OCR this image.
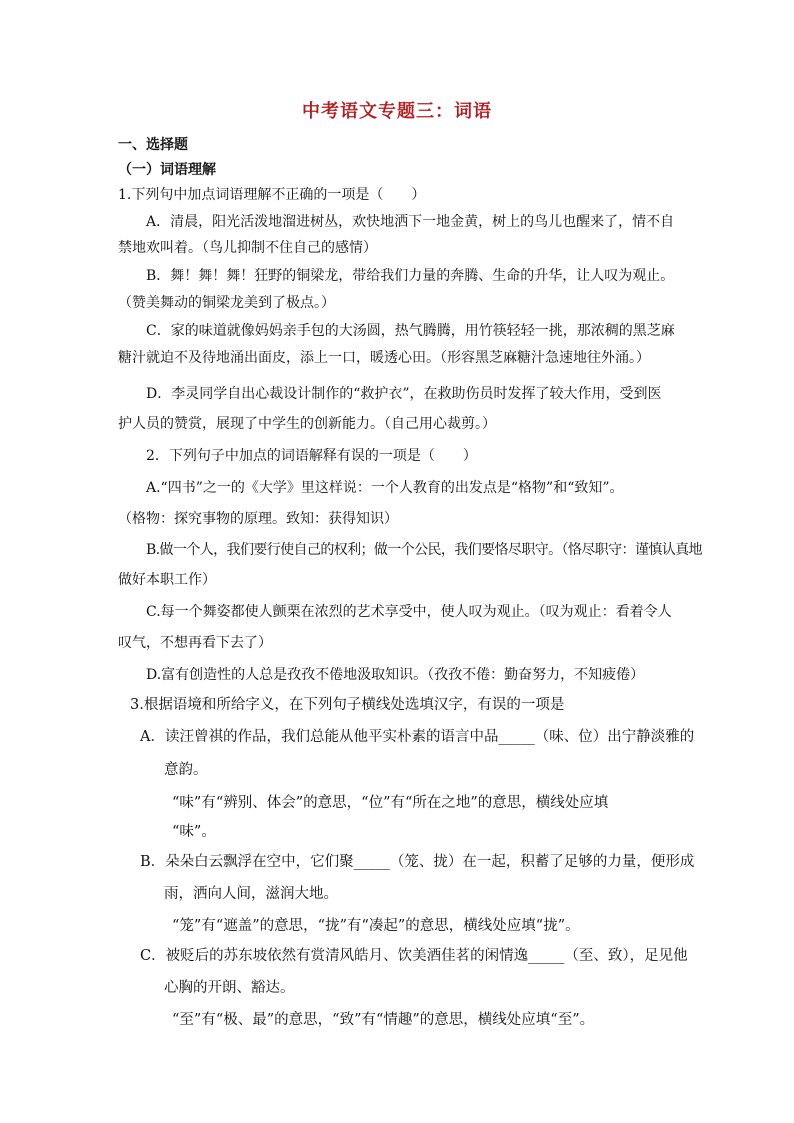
中考语文专题三：词语
一、选择题
（一）词语理解
1.下列句中加点词语理解不正确的一项是（　　）
A．清晨，阳光活泼地溜进树丛，欢快地洒下一地金黄，树上的鸟儿也醒来了，情不自
禁地欢叫着。（鸟儿抑制不住自己的感情）
B．舞！舞！舞！狂野的铜梁龙，带给我们力量的奔腾、生命的升华，让人叹为观止。
（赞美舞动的铜梁龙美到了极点。）
C．家的味道就像妈妈亲手包的大汤圆，热气腾腾，用竹筷轻轻一挑，那浓稠的黑芝麻
糖汁就迫不及待地涌出面皮，添上一口，暖透心田。（形容黑芝麻糖汁急速地往外涌。）
D．李灵同学自出心裁设计制作的“救护衣”，在救助伤员时发挥了较大作用，受到医
护人员的赞赏，展现了中学生的创新能力。（自己用心裁剪。）
2．下列句子中加点的词语解释有误的一项是（　　）
A.“四书”之一的《大学》里这样说：一个人教育的出发点是“格物”和“致知”。
（格物：探究事物的原理。致知：获得知识）
B.做一个人，我们要行使自己的权利；做一个公民，我们要恪尽职守。（恪尽职守：谨慎认真地
做好本职工作）
C.每一个舞姿都使人颤栗在浓烈的艺术享受中，使人叹为观止。（叹为观止：看着令人
叹气，不想再看下去了）
D.富有创造性的人总是孜孜不倦地汲取知识。（孜孜不倦：勤奋努力，不知疲倦）
3.根据语境和所给字义，在下列句子横线处选填汉字，有误的一项是
A．读汪曾祺的作品，我们总能从他平实朴素的语言中品_____（味、位）出宁静淡雅的
意韵。
“味”有“辨别、体会”的意思，“位”有“所在之地”的意思，横线处应填
“味”。
B．朵朵白云飘浮在空中，它们聚_____（笼、拢）在一起，积蓄了足够的力量，便形成
雨，洒向人间，滋润大地。
“笼”有“遮盖”的意思，“拢”有“凑起”的意思，横线处应填“拢”。
C．被贬后的苏东坡依然有赏清风皓月、饮美酒佳茗的闲情逸_____（至、致），足见他
心胸的开朗、豁达。
“至”有“极、最”的意思，“致”有“情趣”的意思，横线处应填“至”。
